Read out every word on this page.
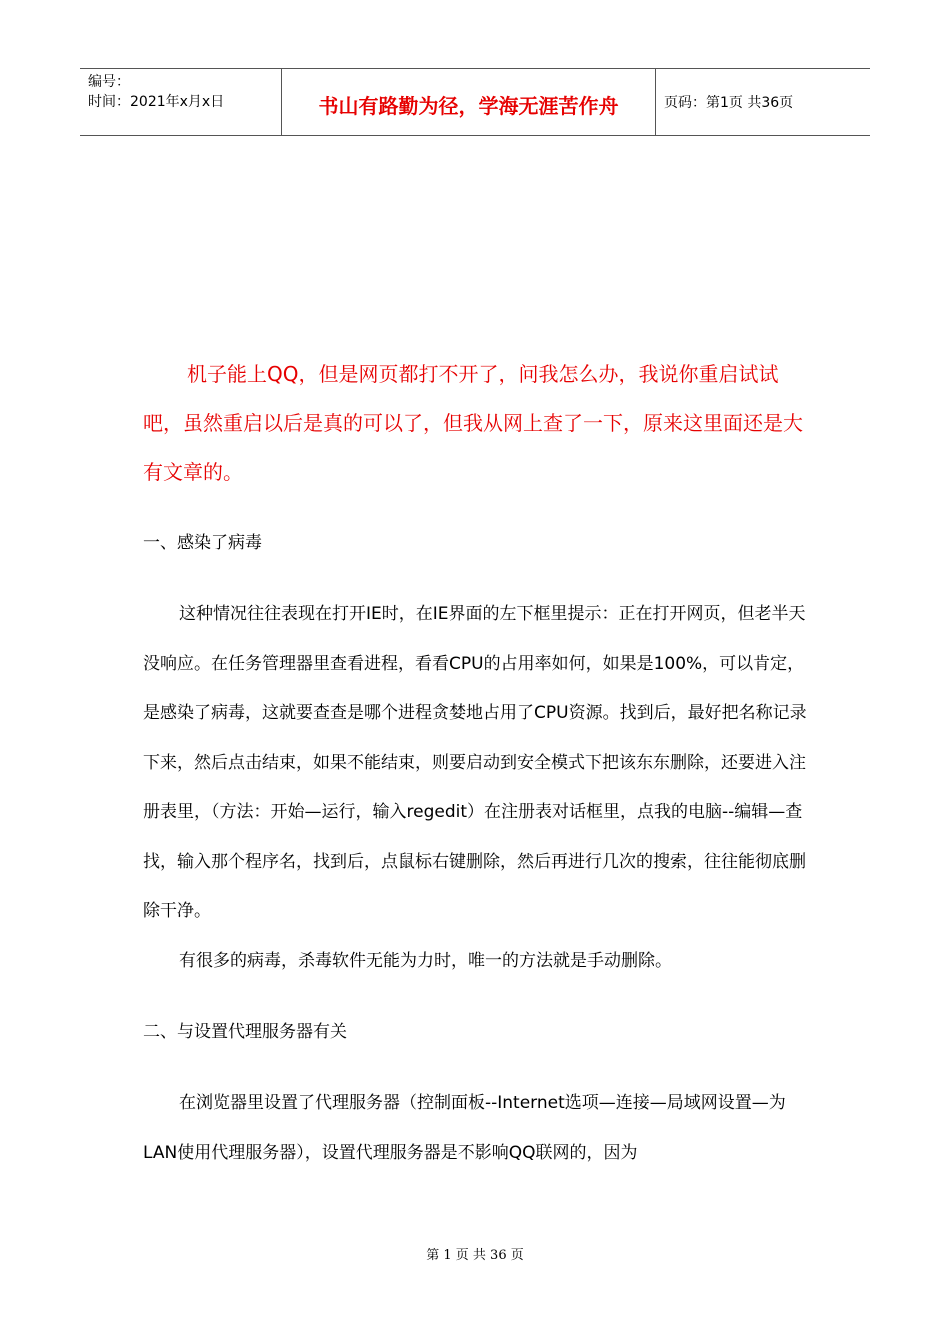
编号：
时间：2021年x月x日	书山有路勤为径，学海无涯苦作舟	页码：第1页 共36页

机子能上QQ，但是网页都打不开了，问我怎么办，我说你重启试试吧，虽然重启以后是真的可以了，但我从网上查了一下，原来这里面还是大有文章的。

一、感染了病毒

这种情况往往表现在打开IE时，在IE界面的左下框里提示：正在打开网页，但老半天没响应。在任务管理器里查看进程，看看CPU的占用率如何，如果是100%，可以肯定，是感染了病毒，这就要查查是哪个进程贪婪地占用了CPU资源。找到后，最好把名称记录下来，然后点击结束，如果不能结束，则要启动到安全模式下把该东东删除，还要进入注册表里，（方法：开始—运行，输入regedit）在注册表对话框里，点我的电脑--编辑—查找，输入那个程序名，找到后，点鼠标右键删除，然后再进行几次的搜索，往往能彻底删除干净。

有很多的病毒，杀毒软件无能为力时，唯一的方法就是手动删除。

二、与设置代理服务器有关

在浏览器里设置了代理服务器（控制面板--Internet选项—连接—局域网设置—为LAN使用代理服务器），设置代理服务器是不影响QQ联网的，因为

第 1 页 共 36 页
